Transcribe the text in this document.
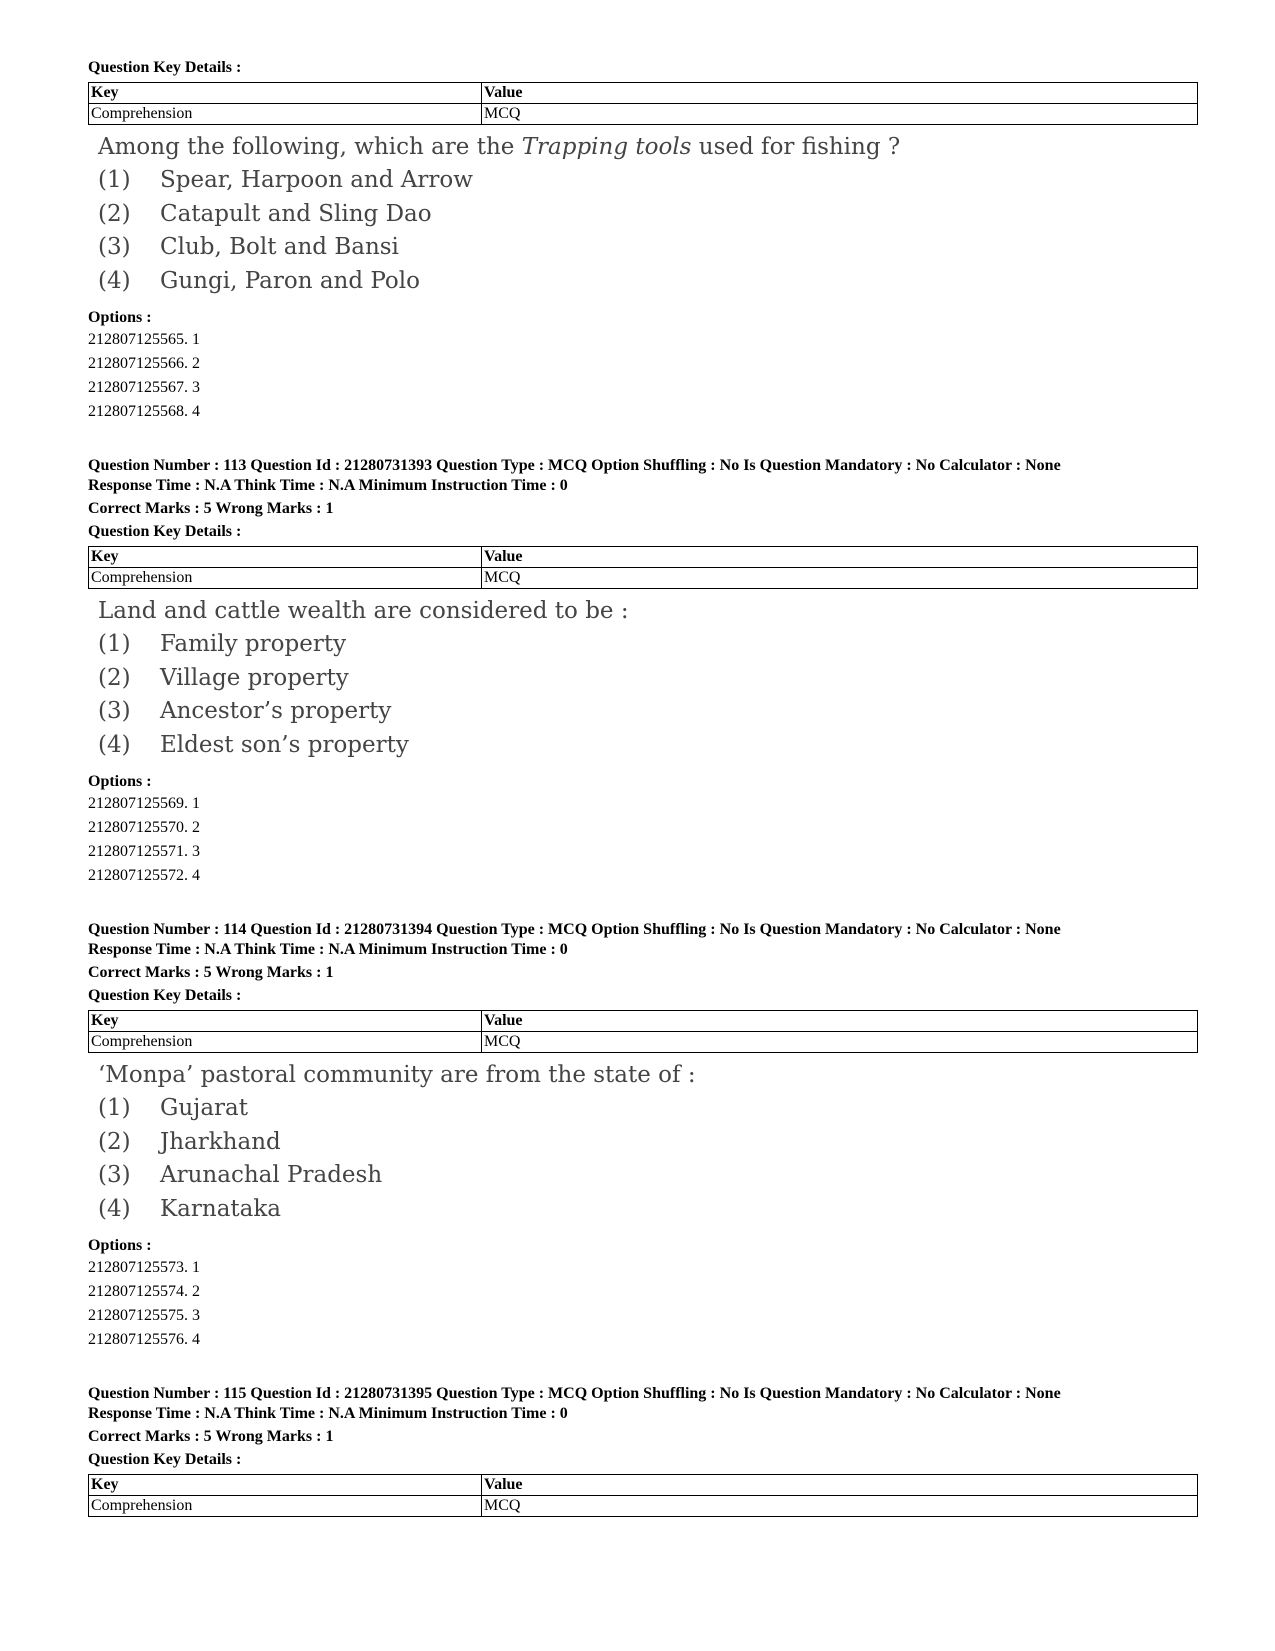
Question Key Details :
Key	Value
Comprehension	MCQ
Among the following, which are the Trapping tools used for fishing ?
(1)	Spear, Harpoon and Arrow
(2)	Catapult and Sling Dao
(3)	Club, Bolt and Bansi
(4)	Gungi, Paron and Polo
Options :
212807125565. 1
212807125566. 2
212807125567. 3
212807125568. 4
Question Number : 113 Question Id : 21280731393 Question Type : MCQ Option Shuffling : No Is Question Mandatory : No Calculator : None
Response Time : N.A Think Time : N.A Minimum Instruction Time : 0
Correct Marks : 5 Wrong Marks : 1
Question Key Details :
Key	Value
Comprehension	MCQ
Land and cattle wealth are considered to be :
(1)	Family property
(2)	Village property
(3)	Ancestor’s property
(4)	Eldest son’s property
Options :
212807125569. 1
212807125570. 2
212807125571. 3
212807125572. 4
Question Number : 114 Question Id : 21280731394 Question Type : MCQ Option Shuffling : No Is Question Mandatory : No Calculator : None
Response Time : N.A Think Time : N.A Minimum Instruction Time : 0
Correct Marks : 5 Wrong Marks : 1
Question Key Details :
Key	Value
Comprehension	MCQ
‘Monpa’ pastoral community are from the state of :
(1)	Gujarat
(2)	Jharkhand
(3)	Arunachal Pradesh
(4)	Karnataka
Options :
212807125573. 1
212807125574. 2
212807125575. 3
212807125576. 4
Question Number : 115 Question Id : 21280731395 Question Type : MCQ Option Shuffling : No Is Question Mandatory : No Calculator : None
Response Time : N.A Think Time : N.A Minimum Instruction Time : 0
Correct Marks : 5 Wrong Marks : 1
Question Key Details :
Key	Value
Comprehension	MCQ
